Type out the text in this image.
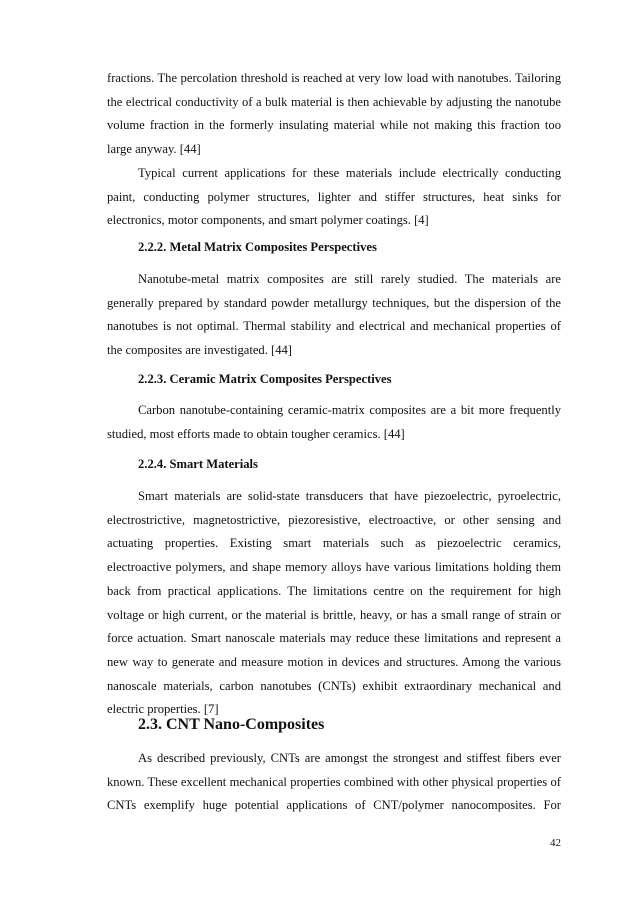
fractions. The percolation threshold is reached at very low load with nanotubes. Tailoring the electrical conductivity of a bulk material is then achievable by adjusting the nanotube volume fraction in the formerly insulating material while not making this fraction too large anyway. [44]

Typical current applications for these materials include electrically conducting paint, conducting polymer structures, lighter and stiffer structures, heat sinks for electronics, motor components, and smart polymer coatings. [4]

2.2.2. Metal Matrix Composites Perspectives

Nanotube-metal matrix composites are still rarely studied. The materials are generally prepared by standard powder metallurgy techniques, but the dispersion of the nanotubes is not optimal. Thermal stability and electrical and mechanical properties of the composites are investigated. [44]

2.2.3. Ceramic Matrix Composites Perspectives

Carbon nanotube-containing ceramic-matrix composites are a bit more frequently studied, most efforts made to obtain tougher ceramics. [44]

2.2.4. Smart Materials

Smart materials are solid-state transducers that have piezoelectric, pyroelectric, electrostrictive, magnetostrictive, piezoresistive, electroactive, or other sensing and actuating properties. Existing smart materials such as piezoelectric ceramics, electroactive polymers, and shape memory alloys have various limitations holding them back from practical applications. The limitations centre on the requirement for high voltage or high current, or the material is brittle, heavy, or has a small range of strain or force actuation. Smart nanoscale materials may reduce these limitations and represent a new way to generate and measure motion in devices and structures. Among the various nanoscale materials, carbon nanotubes (CNTs) exhibit extraordinary mechanical and electric properties. [7]

2.3. CNT Nano-Composites

As described previously, CNTs are amongst the strongest and stiffest fibers ever known. These excellent mechanical properties combined with other physical properties of CNTs exemplify huge potential applications of CNT/polymer nanocomposites. For

42
